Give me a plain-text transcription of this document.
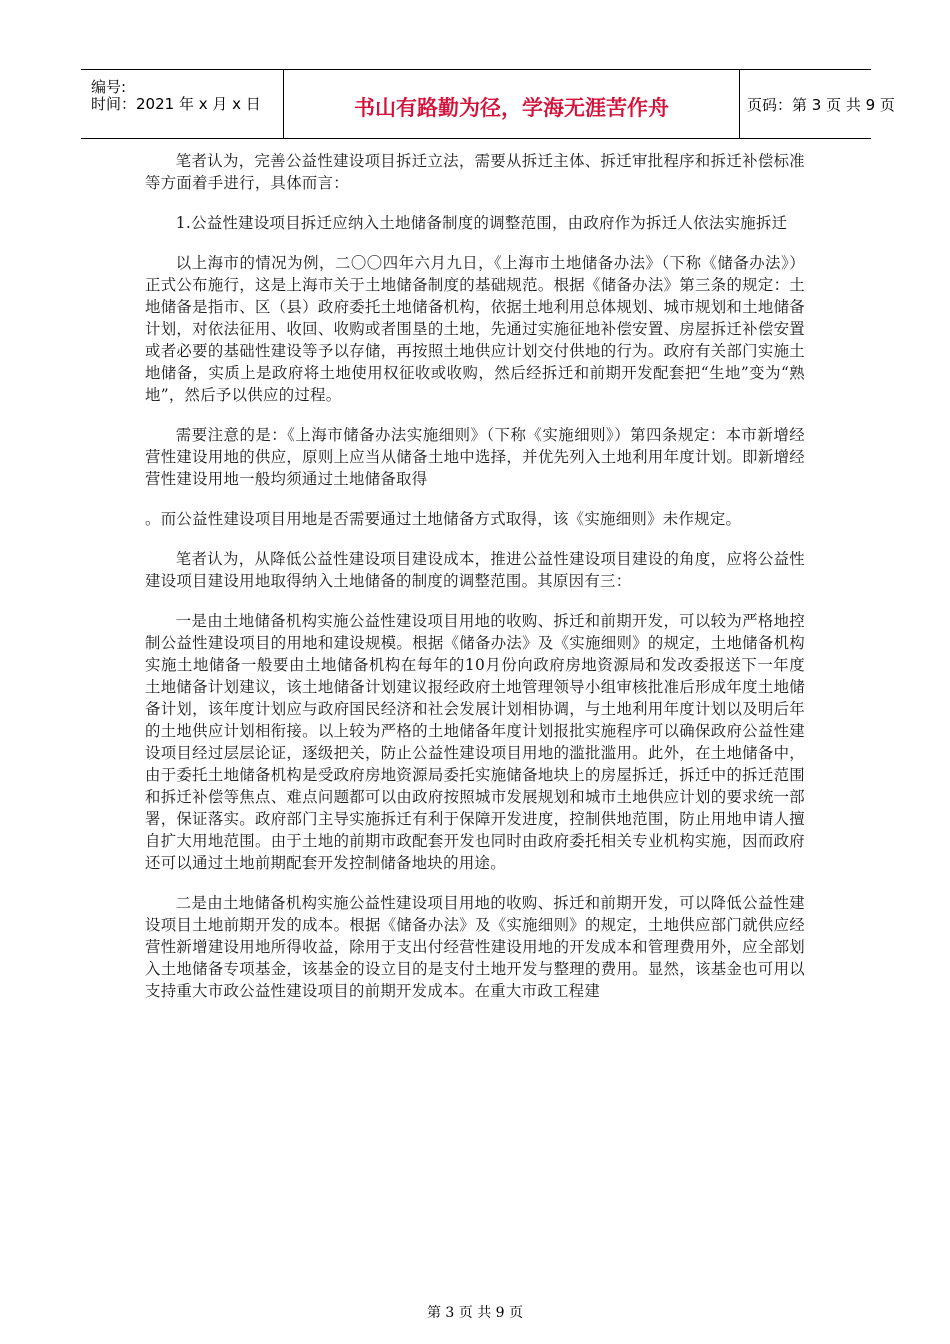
编号:
时间：2021 年 x 月 x 日	书山有路勤为径，学海无涯苦作舟	页码：第 3 页 共 9 页

笔者认为，完善公益性建设项目拆迁立法，需要从拆迁主体、拆迁审批程序和拆迁补偿标准等方面着手进行，具体而言：

1.公益性建设项目拆迁应纳入土地储备制度的调整范围，由政府作为拆迁人依法实施拆迁

以上海市的情况为例，二〇〇四年六月九日，《上海市土地储备办法》（下称《储备办法》）正式公布施行，这是上海市关于土地储备制度的基础规范。根据《储备办法》第三条的规定：土地储备是指市、区（县）政府委托土地储备机构，依据土地利用总体规划、城市规划和土地储备计划，对依法征用、收回、收购或者围垦的土地，先通过实施征地补偿安置、房屋拆迁补偿安置或者必要的基础性建设等予以存储，再按照土地供应计划交付供地的行为。政府有关部门实施土地储备，实质上是政府将土地使用权征收或收购，然后经拆迁和前期开发配套把“生地”变为“熟地”，然后予以供应的过程。

需要注意的是：《上海市储备办法实施细则》（下称《实施细则》）第四条规定：本市新增经营性建设用地的供应，原则上应当从储备土地中选择，并优先列入土地利用年度计划。即新增经营性建设用地一般均须通过土地储备取得

。而公益性建设项目用地是否需要通过土地储备方式取得，该《实施细则》未作规定。

笔者认为，从降低公益性建设项目建设成本，推进公益性建设项目建设的角度，应将公益性建设项目建设用地取得纳入土地储备的制度的调整范围。其原因有三：

一是由土地储备机构实施公益性建设项目用地的收购、拆迁和前期开发，可以较为严格地控制公益性建设项目的用地和建设规模。根据《储备办法》及《实施细则》的规定，土地储备机构实施土地储备一般要由土地储备机构在每年的10月份向政府房地资源局和发改委报送下一年度土地储备计划建议，该土地储备计划建议报经政府土地管理领导小组审核批准后形成年度土地储备计划，该年度计划应与政府国民经济和社会发展计划相协调，与土地利用年度计划以及明后年的土地供应计划相衔接。以上较为严格的土地储备年度计划报批实施程序可以确保政府公益性建设项目经过层层论证，逐级把关，防止公益性建设项目用地的滥批滥用。此外，在土地储备中，由于委托土地储备机构是受政府房地资源局委托实施储备地块上的房屋拆迁，拆迁中的拆迁范围和拆迁补偿等焦点、难点问题都可以由政府按照城市发展规划和城市土地供应计划的要求统一部署，保证落实。政府部门主导实施拆迁有利于保障开发进度，控制供地范围，防止用地申请人擅自扩大用地范围。由于土地的前期市政配套开发也同时由政府委托相关专业机构实施，因而政府还可以通过土地前期配套开发控制储备地块的用途。

二是由土地储备机构实施公益性建设项目用地的收购、拆迁和前期开发，可以降低公益性建设项目土地前期开发的成本。根据《储备办法》及《实施细则》的规定，土地供应部门就供应经营性新增建设用地所得收益，除用于支出付经营性建设用地的开发成本和管理费用外，应全部划入土地储备专项基金，该基金的设立目的是支付土地开发与整理的费用。显然，该基金也可用以支持重大市政公益性建设项目的前期开发成本。在重大市政工程建

第 3 页 共 9 页
